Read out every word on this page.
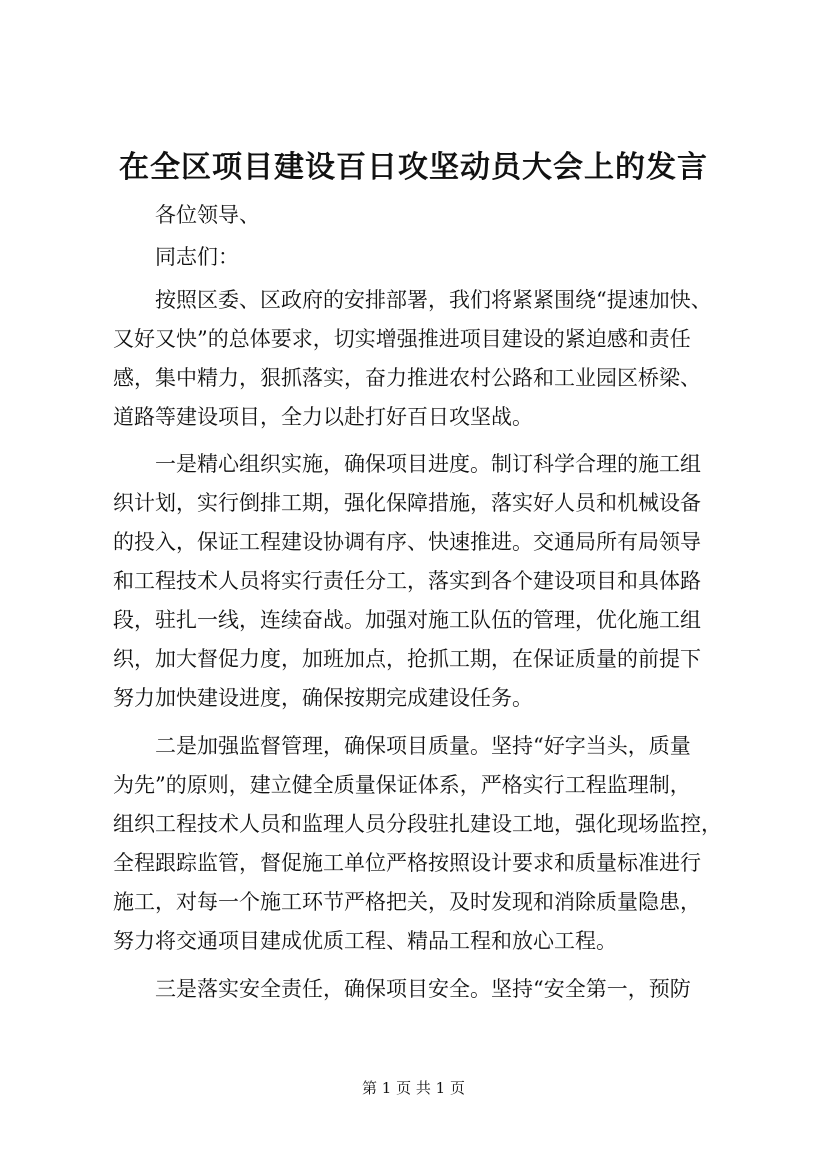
在全区项目建设百日攻坚动员大会上的发言
　　各位领导、
　　同志们：
　　按照区委、区政府的安排部署，我们将紧紧围绕“提速加快、
又好又快”的总体要求，切实增强推进项目建设的紧迫感和责任
感，集中精力，狠抓落实，奋力推进农村公路和工业园区桥梁、
道路等建设项目，全力以赴打好百日攻坚战。
　　一是精心组织实施，确保项目进度。制订科学合理的施工组
织计划，实行倒排工期，强化保障措施，落实好人员和机械设备
的投入，保证工程建设协调有序、快速推进。交通局所有局领导
和工程技术人员将实行责任分工，落实到各个建设项目和具体路
段，驻扎一线，连续奋战。加强对施工队伍的管理，优化施工组
织，加大督促力度，加班加点，抢抓工期，在保证质量的前提下
努力加快建设进度，确保按期完成建设任务。
　　二是加强监督管理，确保项目质量。坚持“好字当头，质量
为先”的原则，建立健全质量保证体系，严格实行工程监理制，
组织工程技术人员和监理人员分段驻扎建设工地，强化现场监控，
全程跟踪监管，督促施工单位严格按照设计要求和质量标准进行
施工，对每一个施工环节严格把关，及时发现和消除质量隐患，
努力将交通项目建成优质工程、精品工程和放心工程。
　　三是落实安全责任，确保项目安全。坚持“安全第一，预防
第 1 页 共 1 页
